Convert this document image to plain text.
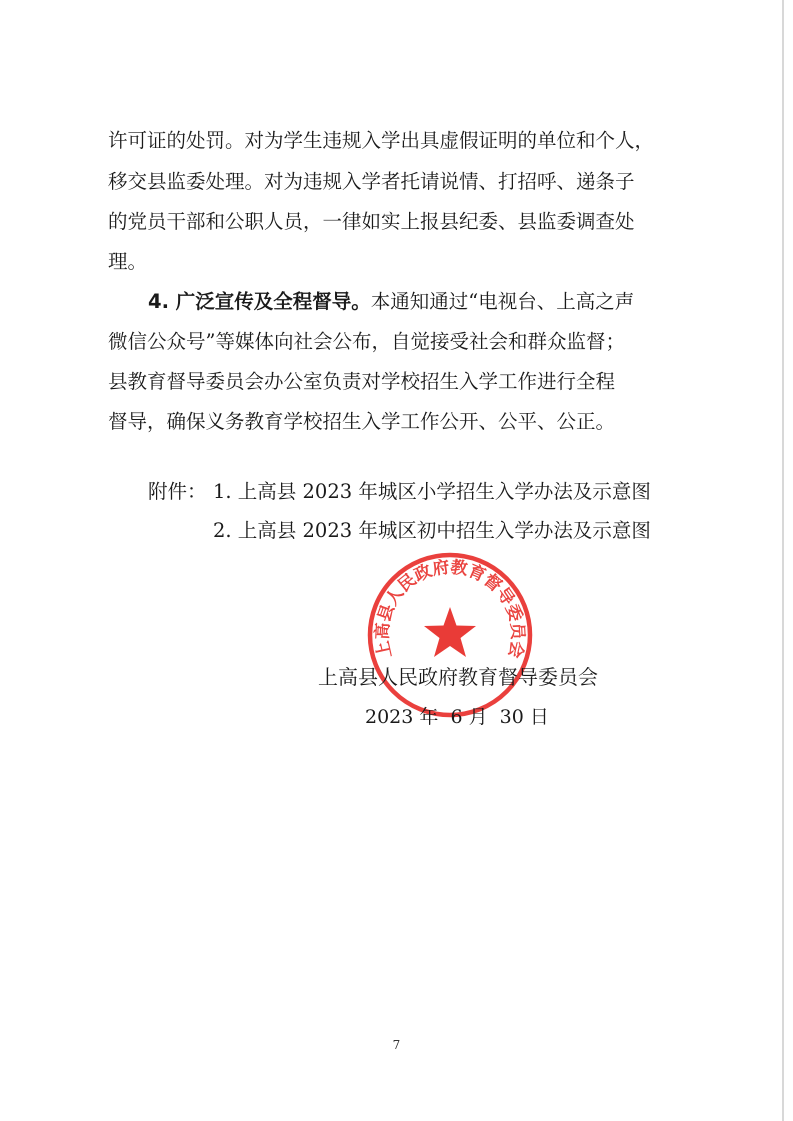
许可证的处罚。对为学生违规入学出具虚假证明的单位和个人，
移交县监委处理。对为违规入学者托请说情、打招呼、递条子
的党员干部和公职人员，一律如实上报县纪委、县监委调查处
理。
4. 广泛宣传及全程督导。本通知通过“电视台、上高之声
微信公众号”等媒体向社会公布，自觉接受社会和群众监督；
县教育督导委员会办公室负责对学校招生入学工作进行全程
督导，确保义务教育学校招生入学工作公开、公平、公正。
附件： 1. 上高县 2023 年城区小学招生入学办法及示意图
2. 上高县 2023 年城区初中招生入学办法及示意图
上高县人民政府教育督导委员会
上高县人民政府教育督导委员会
2023 年  6 月  30 日
7
